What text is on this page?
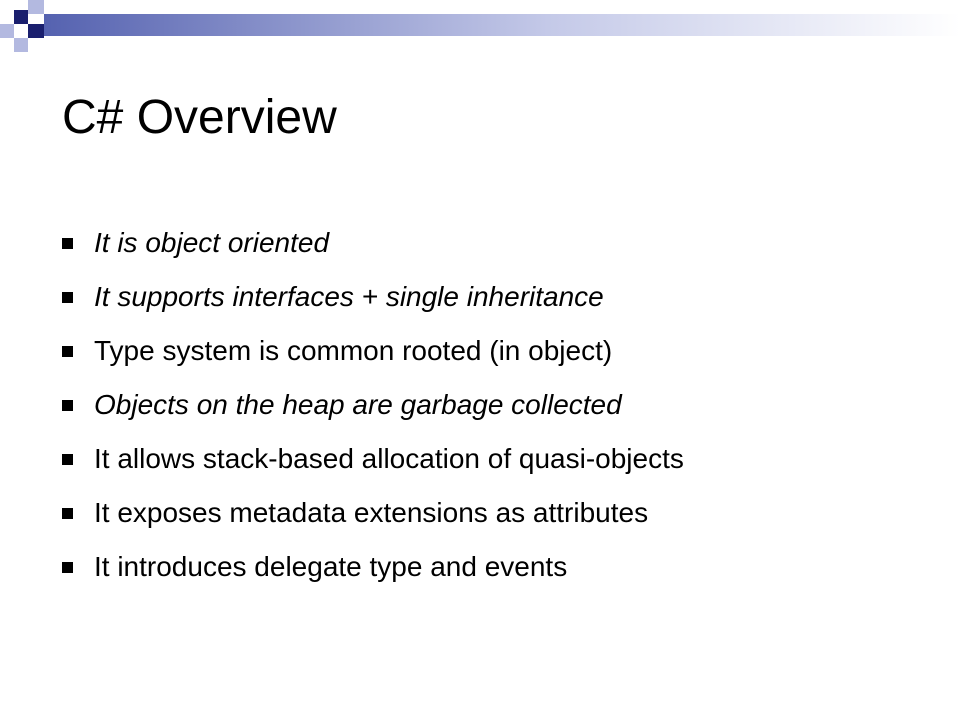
C# Overview
It is object oriented
It supports interfaces + single inheritance
Type system is common rooted (in object)
Objects on the heap are garbage collected
It allows stack-based allocation of quasi-objects
It exposes metadata extensions as attributes
It introduces delegate type and events
